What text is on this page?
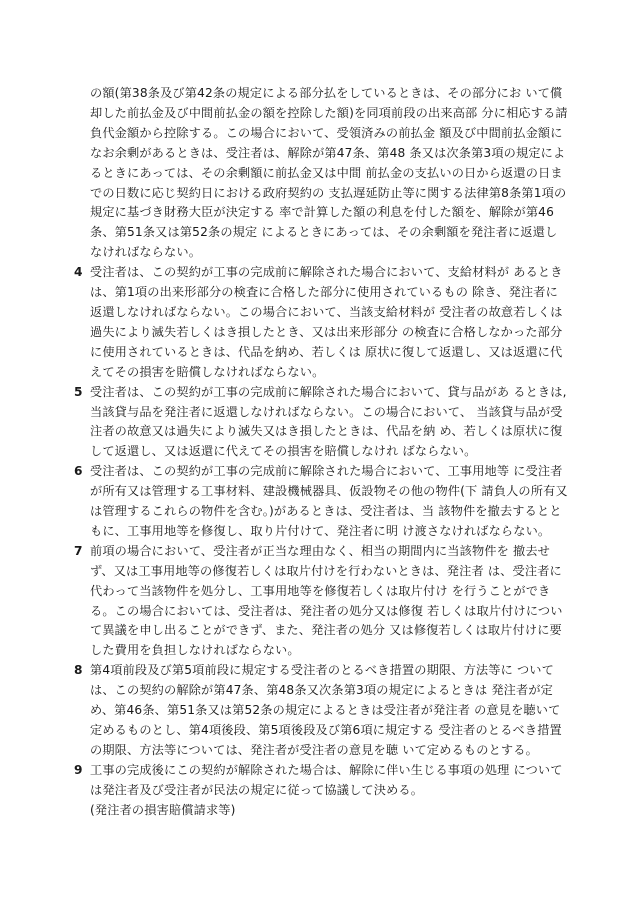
の額(第38条及び第42条の規定による部分払をしているときは、その部分にお いて償却した前払金及び中間前払金の額を控除した額)を同項前段の出来高部 分に相応する請負代金額から控除する。この場合において、受領済みの前払金 額及び中間前払金額になお余剰があるときは、受注者は、解除が第47条、第48 条又は次条第3項の規定によるときにあっては、その余剰額に前払金又は中間 前払金の支払いの日から返還の日までの日数に応じ契約日における政府契約の 支払遅延防止等に関する法律第8条第1項の規定に基づき財務大臣が決定する 率で計算した額の利息を付した額を、解除が第46条、第51条又は第52条の規定 によるときにあっては、その余剰額を発注者に返還しなければならない。

4 受注者は、この契約が工事の完成前に解除された場合において、支給材料が あるときは、第1項の出来形部分の検査に合格した部分に使用されているもの 除き、発注者に返還しなければならない。この場合において、当該支給材料が 受注者の故意若しくは過失により滅失若しくはき損したとき、又は出来形部分 の検査に合格しなかった部分に使用されているときは、代品を納め、若しくは 原状に復して返還し、又は返還に代えてその損害を賠償しなければならない。
5 受注者は、この契約が工事の完成前に解除された場合において、貸与品があ るときは,当該貸与品を発注者に返還しなければならない。この場合において、 当該貸与品が受注者の故意又は過失により滅失又はき損したときは、代品を納 め、若しくは原状に復して返還し、又は返還に代えてその損害を賠償しなけれ ばならない。
6 受注者は、この契約が工事の完成前に解除された場合において、工事用地等 に受注者が所有又は管理する工事材料、建設機械器具、仮設物その他の物件(下 請負人の所有又は管理するこれらの物件を含む。)があるときは、受注者は、当 該物件を撤去するとともに、工事用地等を修復し、取り片付けて、発注者に明 け渡さなければならない。
7 前項の場合において、受注者が正当な理由なく、相当の期間内に当該物件を 撤去せず、又は工事用地等の修復若しくは取片付けを行わないときは、発注者 は、受注者に代わって当該物件を処分し、工事用地等を修復若しくは取片付け を行うことができる。この場合においては、受注者は、発注者の処分又は修復 若しくは取片付けについて異議を申し出ることができず、また、発注者の処分 又は修復若しくは取片付けに要した費用を負担しなければならない。
8 第4項前段及び第5項前段に規定する受注者のとるべき措置の期限、方法等に ついては、この契約の解除が第47条、第48条又次条第3項の規定によるときは 発注者が定め、第46条、第51条又は第52条の規定によるときは受注者が発注者 の意見を聴いて定めるものとし、第4項後段、第5項後段及び第6項に規定する 受注者のとるべき措置の期限、方法等については、発注者が受注者の意見を聴 いて定めるものとする。
9 工事の完成後にこの契約が解除された場合は、解除に伴い生じる事項の処理 については発注者及び受注者が民法の規定に従って協議して決める。

(発注者の損害賠償請求等)
